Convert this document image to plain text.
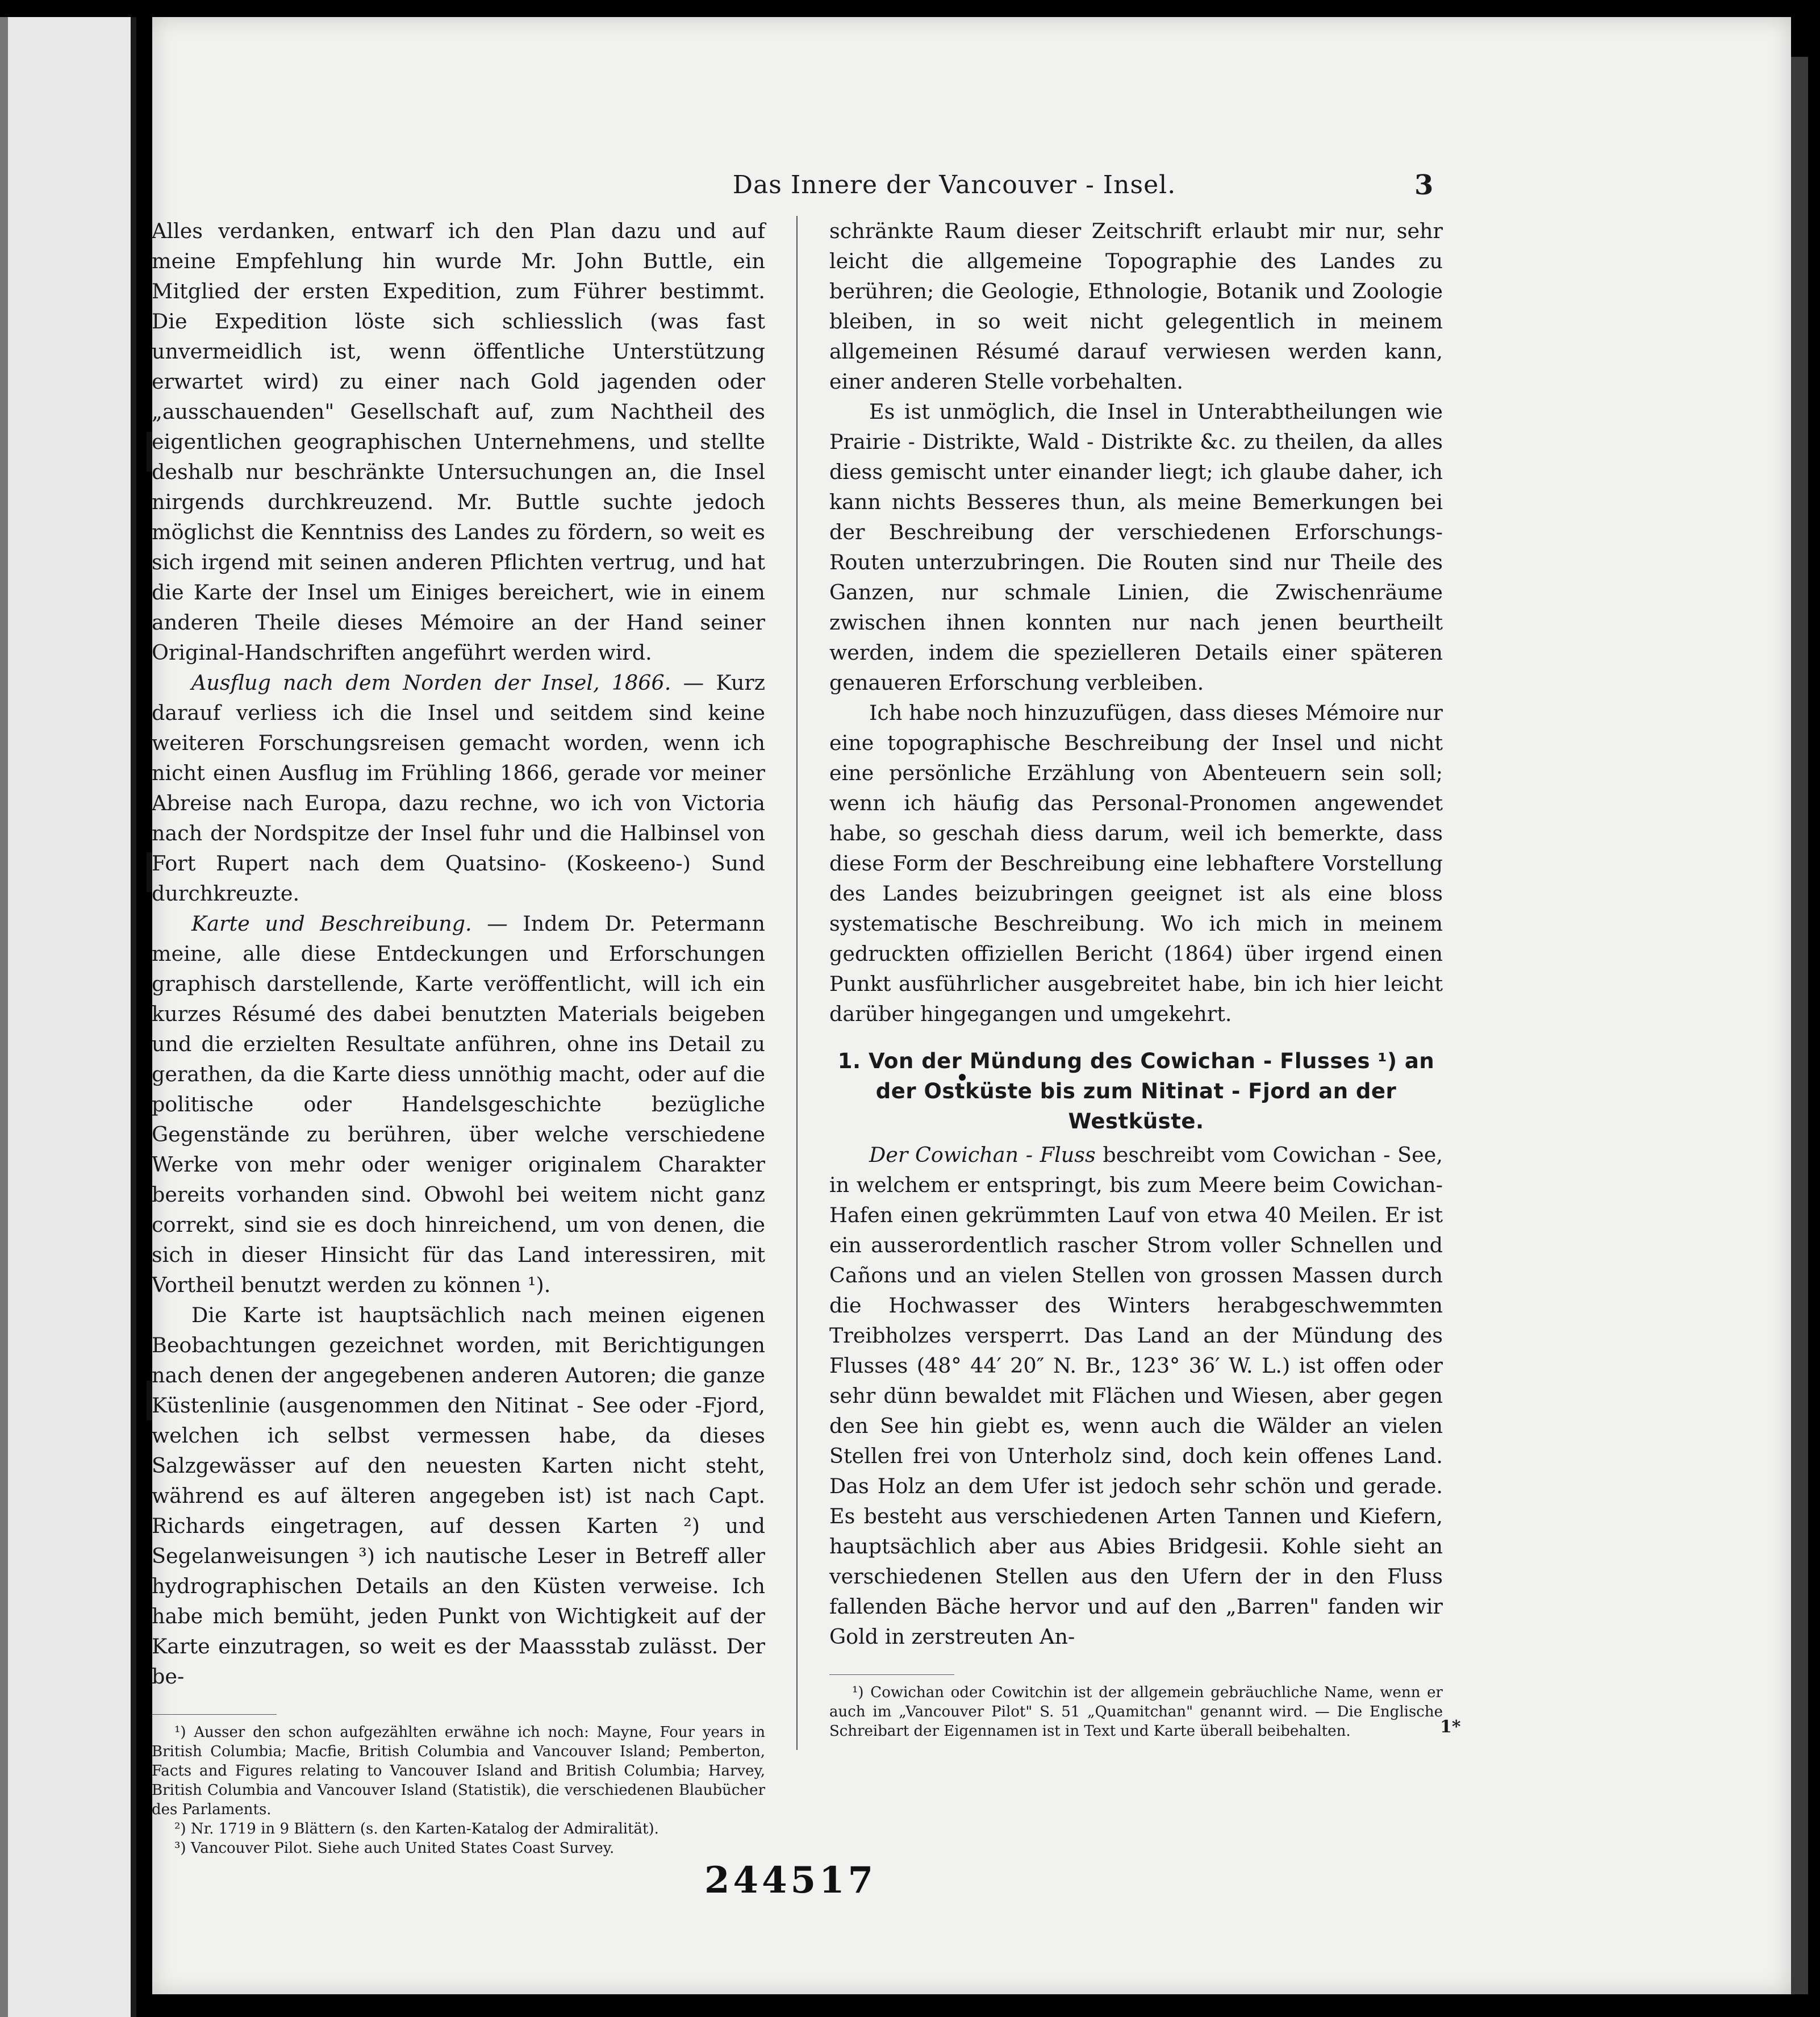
Das Innere der Vancouver - Insel.	3

Alles verdanken, entwarf ich den Plan dazu und auf meine Empfehlung hin wurde Mr. John Buttle, ein Mitglied der ersten Expedition, zum Führer bestimmt. Die Expedition löste sich schliesslich (was fast unvermeidlich ist, wenn öffentliche Unterstützung erwartet wird) zu einer nach Gold jagenden oder „ausschauenden" Gesellschaft auf, zum Nachtheil des eigentlichen geographischen Unternehmens, und stellte deshalb nur beschränkte Untersuchungen an, die Insel nirgends durchkreuzend. Mr. Buttle suchte jedoch möglichst die Kenntniss des Landes zu fördern, so weit es sich irgend mit seinen anderen Pflichten vertrug, und hat die Karte der Insel um Einiges bereichert, wie in einem anderen Theile dieses Mémoire an der Hand seiner Original-Handschriften angeführt werden wird.

Ausflug nach dem Norden der Insel, 1866. — Kurz darauf verliess ich die Insel und seitdem sind keine weiteren Forschungsreisen gemacht worden, wenn ich nicht einen Ausflug im Frühling 1866, gerade vor meiner Abreise nach Europa, dazu rechne, wo ich von Victoria nach der Nordspitze der Insel fuhr und die Halbinsel von Fort Rupert nach dem Quatsino- (Koskeeno-) Sund durchkreuzte.

Karte und Beschreibung. — Indem Dr. Petermann meine, alle diese Entdeckungen und Erforschungen graphisch darstellende, Karte veröffentlicht, will ich ein kurzes Résumé des dabei benutzten Materials beigeben und die erzielten Resultate anführen, ohne ins Detail zu gerathen, da die Karte diess unnöthig macht, oder auf die politische oder Handelsgeschichte bezügliche Gegenstände zu berühren, über welche verschiedene Werke von mehr oder weniger originalem Charakter bereits vorhanden sind. Obwohl bei weitem nicht ganz correkt, sind sie es doch hinreichend, um von denen, die sich in dieser Hinsicht für das Land interessiren, mit Vortheil benutzt werden zu können ¹).

Die Karte ist hauptsächlich nach meinen eigenen Beobachtungen gezeichnet worden, mit Berichtigungen nach denen der angegebenen anderen Autoren; die ganze Küstenlinie (ausgenommen den Nitinat - See oder -Fjord, welchen ich selbst vermessen habe, da dieses Salzgewässer auf den neuesten Karten nicht steht, während es auf älteren angegeben ist) ist nach Capt. Richards eingetragen, auf dessen Karten ²) und Segelanweisungen ³) ich nautische Leser in Betreff aller hydrographischen Details an den Küsten verweise. Ich habe mich bemüht, jeden Punkt von Wichtigkeit auf der Karte einzutragen, so weit es der Maassstab zulässt. Der be-

¹) Ausser den schon aufgezählten erwähne ich noch: Mayne, Four years in British Columbia; Macfie, British Columbia and Vancouver Island; Pemberton, Facts and Figures relating to Vancouver Island and British Columbia; Harvey, British Columbia and Vancouver Island (Statistik), die verschiedenen Blaubücher des Parlaments.
²) Nr. 1719 in 9 Blättern (s. den Karten-Katalog der Admiralität).
³) Vancouver Pilot. Siehe auch United States Coast Survey.

schränkte Raum dieser Zeitschrift erlaubt mir nur, sehr leicht die allgemeine Topographie des Landes zu berühren; die Geologie, Ethnologie, Botanik und Zoologie bleiben, in so weit nicht gelegentlich in meinem allgemeinen Résumé darauf verwiesen werden kann, einer anderen Stelle vorbehalten.

Es ist unmöglich, die Insel in Unterabtheilungen wie Prairie - Distrikte, Wald - Distrikte &c. zu theilen, da alles diess gemischt unter einander liegt; ich glaube daher, ich kann nichts Besseres thun, als meine Bemerkungen bei der Beschreibung der verschiedenen Erforschungs-Routen unterzubringen. Die Routen sind nur Theile des Ganzen, nur schmale Linien, die Zwischenräume zwischen ihnen konnten nur nach jenen beurtheilt werden, indem die spezielleren Details einer späteren genaueren Erforschung verbleiben.

Ich habe noch hinzuzufügen, dass dieses Mémoire nur eine topographische Beschreibung der Insel und nicht eine persönliche Erzählung von Abenteuern sein soll; wenn ich häufig das Personal-Pronomen angewendet habe, so geschah diess darum, weil ich bemerkte, dass diese Form der Beschreibung eine lebhaftere Vorstellung des Landes beizubringen geeignet ist als eine bloss systematische Beschreibung. Wo ich mich in meinem gedruckten offiziellen Bericht (1864) über irgend einen Punkt ausführlicher ausgebreitet habe, bin ich hier leicht darüber hingegangen und umgekehrt.

1. Von der Mündung des Cowichan - Flusses ¹) an der Ostküste bis zum Nitinat - Fjord an der Westküste.

Der Cowichan - Fluss beschreibt vom Cowichan - See, in welchem er entspringt, bis zum Meere beim Cowichan-Hafen einen gekrümmten Lauf von etwa 40 Meilen. Er ist ein ausserordentlich rascher Strom voller Schnellen und Cañons und an vielen Stellen von grossen Massen durch die Hochwasser des Winters herabgeschwemmten Treibholzes versperrt. Das Land an der Mündung des Flusses (48° 44′ 20″ N. Br., 123° 36′ W. L.) ist offen oder sehr dünn bewaldet mit Flächen und Wiesen, aber gegen den See hin giebt es, wenn auch die Wälder an vielen Stellen frei von Unterholz sind, doch kein offenes Land. Das Holz an dem Ufer ist jedoch sehr schön und gerade. Es besteht aus verschiedenen Arten Tannen und Kiefern, hauptsächlich aber aus Abies Bridgesii. Kohle sieht an verschiedenen Stellen aus den Ufern der in den Fluss fallenden Bäche hervor und auf den „Barren" fanden wir Gold in zerstreuten An-

¹) Cowichan oder Cowitchin ist der allgemein gebräuchliche Name, wenn er auch im „Vancouver Pilot" S. 51 „Quamitchan" genannt wird. — Die Englische Schreibart der Eigennamen ist in Text und Karte überall beibehalten.	1*
244517
